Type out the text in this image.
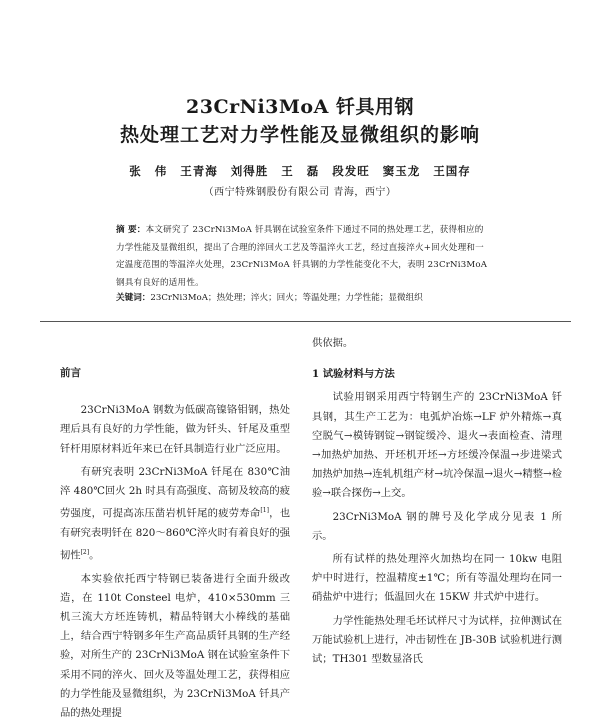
23CrNi3MoA 钎具用钢
热处理工艺对力学性能及显微组织的影响
张 伟 王青海 刘得胜 王 磊 段发旺 窦玉龙 王国存
（西宁特殊钢股份有限公司 青海，西宁）
摘 要：本文研究了 23CrNi3MoA 钎具钢在试验室条件下通过不同的热处理工艺，获得相应的力学性能及显微组织，提出了合理的淬回火工艺及等温淬火工艺，经过直接淬火+回火处理和一定温度范围的等温淬火处理，23CrNi3MoA 钎具钢的力学性能变化不大，表明 23CrNi3MoA 钢具有良好的适用性。
关键词：23CrNi3MoA；热处理；淬火；回火；等温处理；力学性能；显微组织
前言

23CrNi3MoA 钢数为低碳高镍铬钼钢，热处理后具有良好的力学性能，做为钎头、钎尾及重型钎杆用原材料近年来已在钎具制造行业广泛应用。

有研究表明 23CrNi3MoA 钎尾在 830℃油淬 480℃回火 2h 时具有高强度、高韧及较高的疲劳强度，可提高冻压凿岩机钎尾的疲劳寿命[1]，也有研究表明钎在 820～860℃淬火时有着良好的强韧性[2]。

本实验依托西宁特钢已装备进行全面升级改造，在 110t Consteel 电炉，410×530mm 三机三流大方坯连铸机，精品特钢大小棒线的基础上，结合西宁特钢多年生产高品质钎具钢的生产经验，对所生产的 23CrNi3MoA 钢在试验室条件下采用不同的淬火、回火及等温处理工艺，获得相应的力学性能及显微组织，为 23CrNi3MoA 钎具产品的热处理提

供依据。

1 试验材料与方法

试验用钢采用西宁特钢生产的 23CrNi3MoA 钎具钢，其生产工艺为：电弧炉冶炼→LF 炉外精炼→真空脱气→模铸钢锭→钢锭缓冷、退火→表面检查、清理→加热炉加热、开坯机开坯→方坯缓冷保温→步进梁式加热炉加热→连轧机组产材→坑冷保温→退火→精整→检验→联合探伤→上交。

23CrNi3MoA 钢的牌号及化学成分见表 1 所示。

所有试样的热处理淬火加热均在同一 10kw 电阻炉中时进行，控温精度±1℃；所有等温处理均在同一硝盐炉中进行；低温回火在 15KW 井式炉中进行。

力学性能热处理毛坯试样尺寸为试样，拉伸测试在万能试验机上进行，冲击韧性在 JB-30B 试验机进行测试；TH301 型数显洛氏
